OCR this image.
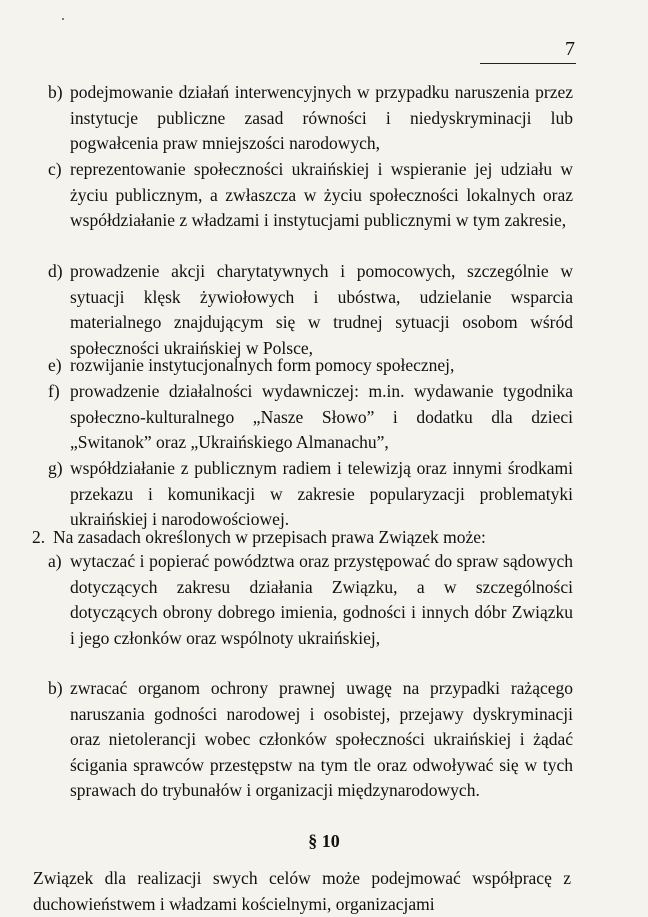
7
b) podejmowanie działań interwencyjnych w przypadku naruszenia przez instytucje publiczne zasad równości i niedyskryminacji lub pogwałcenia praw mniejszości narodowych,
c) reprezentowanie społeczności ukraińskiej i wspieranie jej udziału w życiu publicznym, a zwłaszcza w życiu społeczności lokalnych oraz współdziałanie z władzami i instytucjami publicznymi w tym zakresie,
d) prowadzenie akcji charytatywnych i pomocowych, szczególnie w sytuacji klęsk żywiołowych i ubóstwa, udzielanie wsparcia materialnego znajdującym się w trudnej sytuacji osobom wśród społeczności ukraińskiej w Polsce,
e) rozwijanie instytucjonalnych form pomocy społecznej,
f) prowadzenie działalności wydawniczej: m.in. wydawanie tygodnika społeczno-kulturalnego „Nasze Słowo” i dodatku dla dzieci „Switanok” oraz „Ukraińskiego Almanachu”,
g) współdziałanie z publicznym radiem i telewizją oraz innymi środkami przekazu i komunikacji w zakresie popularyzacji problematyki ukraińskiej i narodowościowej.
2. Na zasadach określonych w przepisach prawa Związek może:
a) wytaczać i popierać powództwa oraz przystępować do spraw sądowych dotyczących zakresu działania Związku, a w szczególności dotyczących obrony dobrego imienia, godności i innych dóbr Związku i jego członków oraz wspólnoty ukraińskiej,
b) zwracać organom ochrony prawnej uwagę na przypadki rażącego naruszania godności narodowej i osobistej, przejawy dyskryminacji oraz nietolerancji wobec członków społeczności ukraińskiej i żądać ścigania sprawców przestępstw na tym tle oraz odwoływać się w tych sprawach do trybunałów i organizacji międzynarodowych.
§ 10
Związek dla realizacji swych celów może podejmować współpracę z duchowieństwem i władzami kościelnymi, organizacjami
